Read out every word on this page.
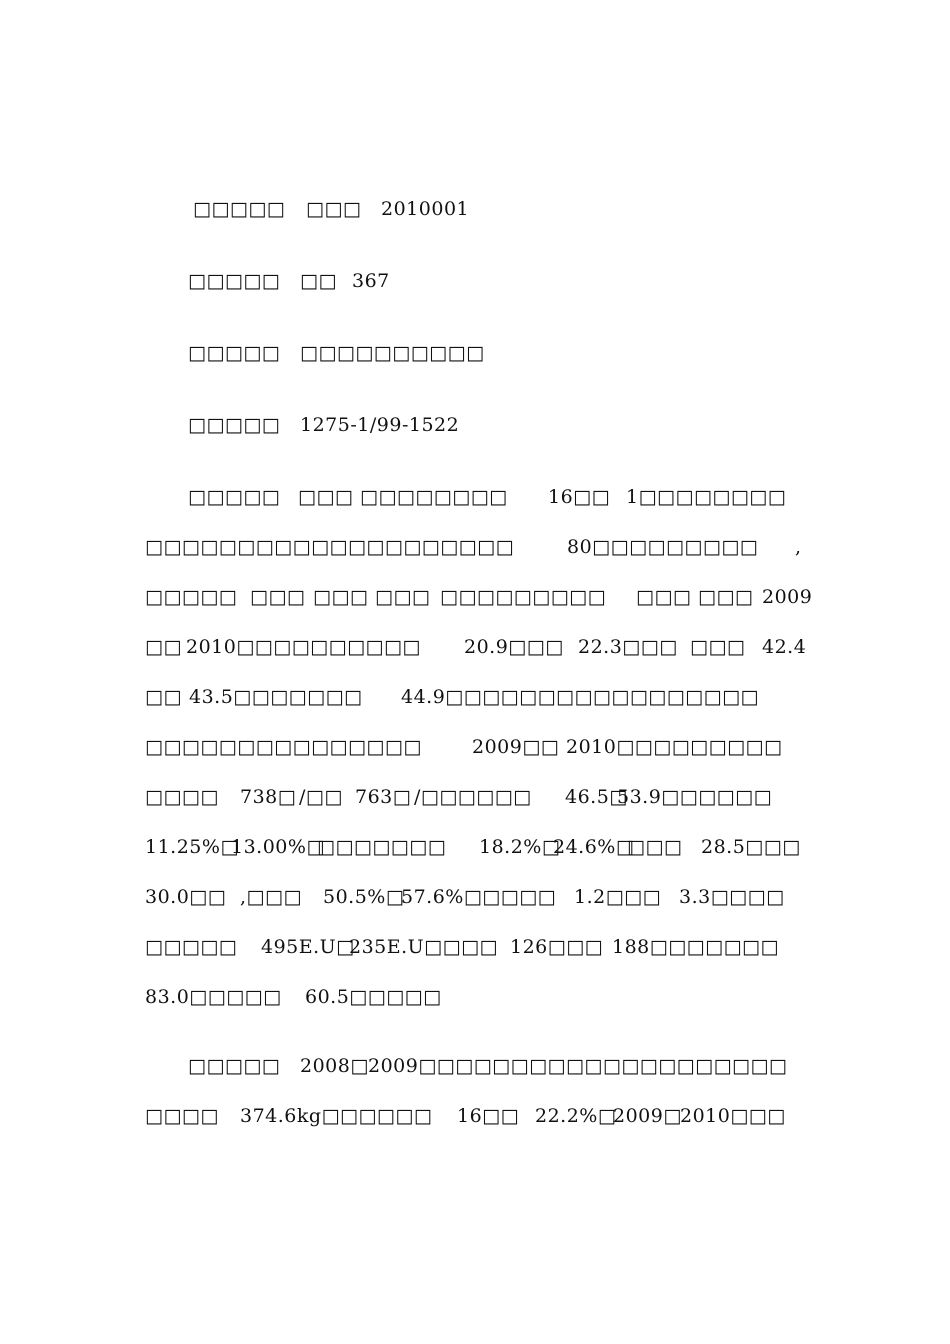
□□□□□ □□□ 2010001
□□□□□ □□ 367
□□□□□ □□□□□□□□□□
□□□□□ 1275-1/99-1522
□□□□□ □□□ □□□□□□□□ 16□□ 1□□□□□□□□
□□□□□□□□□□□□□□□□□□□□	80□□□□□□□□□ ,
□□□□□ □□□ □□□ □□□ □□□□□□□□□ □□□ □□□ 2009
□□ 2010□□□□□□□□□□ 20.9□□□ 22.3□□□ □□□ 42.4
□□ 43.5□□□□□□□ 44.9□□□□□□□□□□□□□□□□□
□□□□□□□□□□□□□□□	2009□□ 2010□□□□□□□□□
□□□□ 738□ /□□ 763□ /□□□□□□ 46.5□
53.9□□□□□□
11.25%□
13.00%□
□□□□□□□ 18.2%□
24.6%□
□□□ 28.5□□□
30.0□□ ,□□□ 50.5%□
57.6%□□□□□ 1.2□□□ 3.3□□□□
□□□□□ 495E.U□
235E.U□□□□ 126□□□ 188□□□□□□□
83.0□□□□□ 60.5□□□□□
□□□□□ 2008□ 2009□□□□□□□□□□□□□□□□□□□□
□□□□ 374.6kg□□□□□□ 16□□ 22.2%□
2009□
2010□□□
